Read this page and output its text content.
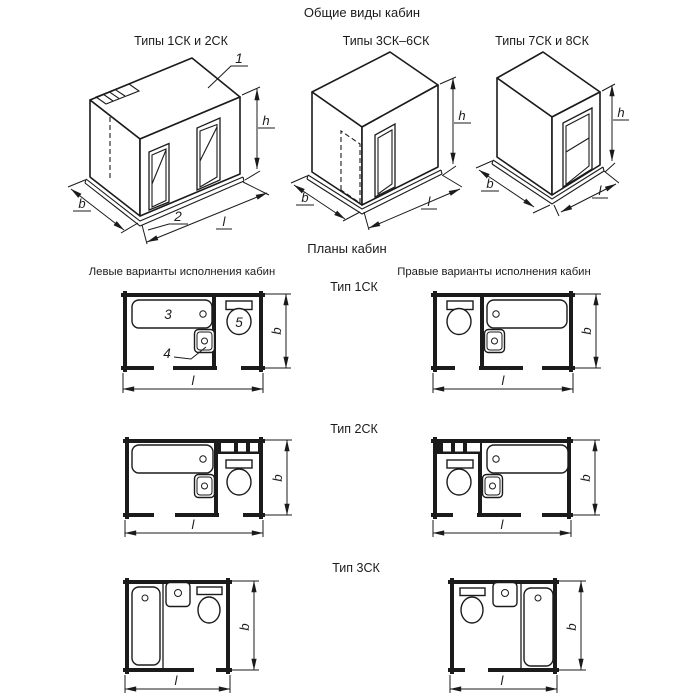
Общие виды кабин
Планы кабин
Левые варианты исполнения кабин	Правые варианты исполнения кабин
Тип 1СК
Тип 2СК
Тип 3СК
Типы 1СК и 2СК
h
b
l
1
2
Типы 3СК–6СК
h
b	l
Типы 7СК и 8СК
h
b	l
3
4
5
b
l
b
l
b
l
b
l
b
l
b
l
